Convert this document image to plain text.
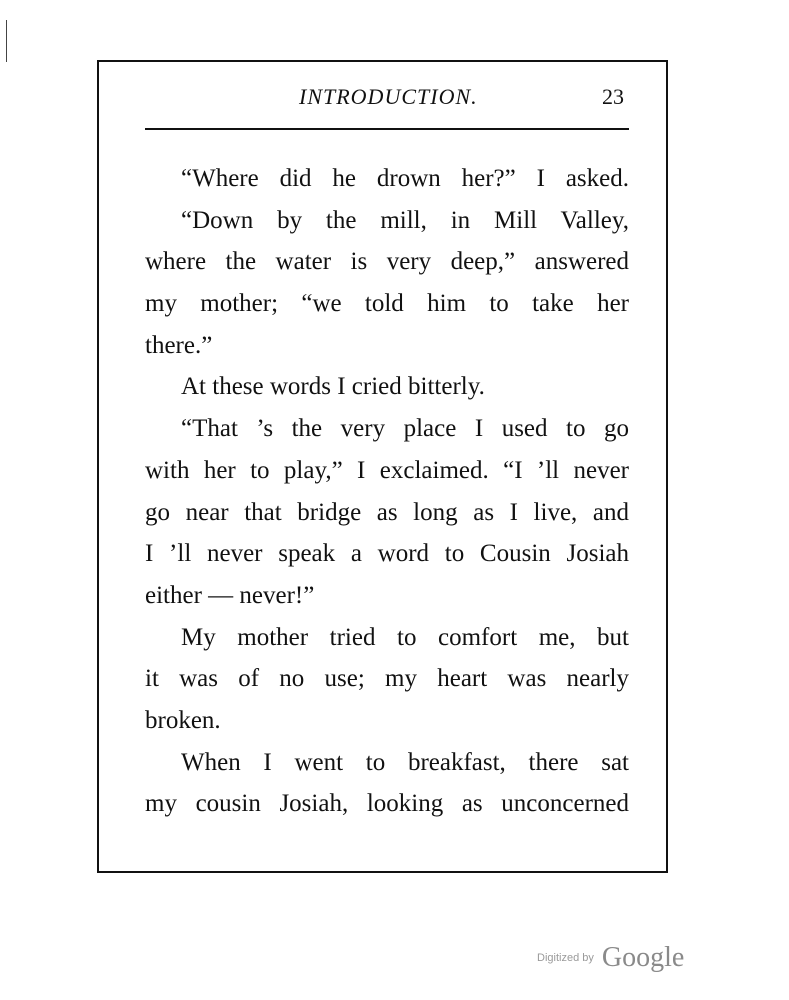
INTRODUCTION.	23
“Where did he drown her?” I asked.
“Down by the mill, in Mill Valley,
where the water is very deep,” answered
my mother; “we told him to take her
there.”
At these words I cried bitterly.
“That ’s the very place I used to go
with her to play,” I exclaimed. “I ’ll never
go near that bridge as long as I live, and
I ’ll never speak a word to Cousin Josiah
either — never!”
My mother tried to comfort me, but
it was of no use; my heart was nearly
broken.
When I went to breakfast, there sat
my cousin Josiah, looking as unconcerned
Digitized by Google
